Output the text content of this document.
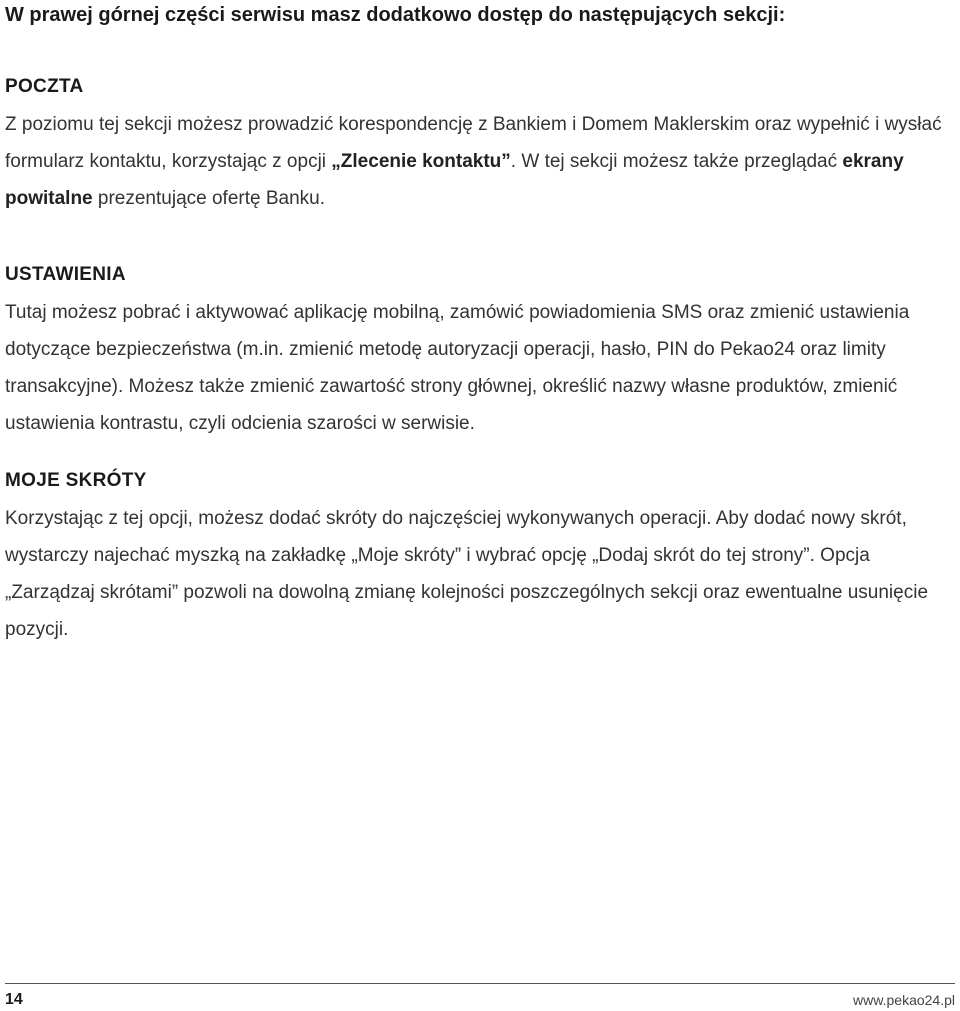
W prawej górnej części serwisu masz dodatkowo dostęp do następujących sekcji:
POCZTA

Z poziomu tej sekcji możesz prowadzić korespondencję z Bankiem i Domem Maklerskim oraz wypełnić i wysłać formularz kontaktu, korzystając z opcji „Zlecenie kontaktu”. W tej sekcji możesz także przeglądać ekrany powitalne prezentujące ofertę Banku.

USTAWIENIA

Tutaj możesz pobrać i aktywować aplikację mobilną, zamówić powiadomienia SMS oraz zmienić ustawienia dotyczące bezpieczeństwa (m.in. zmienić metodę autoryzacji operacji, hasło, PIN do Pekao24 oraz limity transakcyjne). Możesz także zmienić zawartość strony głównej, określić nazwy własne produktów, zmienić ustawienia kontrastu, czyli odcienia szarości w serwisie.

MOJE SKRÓTY

Korzystając z tej opcji, możesz dodać skróty do najczęściej wykonywanych operacji. Aby dodać nowy skrót, wystarczy najechać myszką na zakładkę „Moje skróty” i wybrać opcję „Dodaj skrót do tej strony”. Opcja „Zarządzaj skrótami” pozwoli na dowolną zmianę kolejności poszczególnych sekcji oraz ewentualne usunięcie pozycji.

14	www.pekao24.pl
